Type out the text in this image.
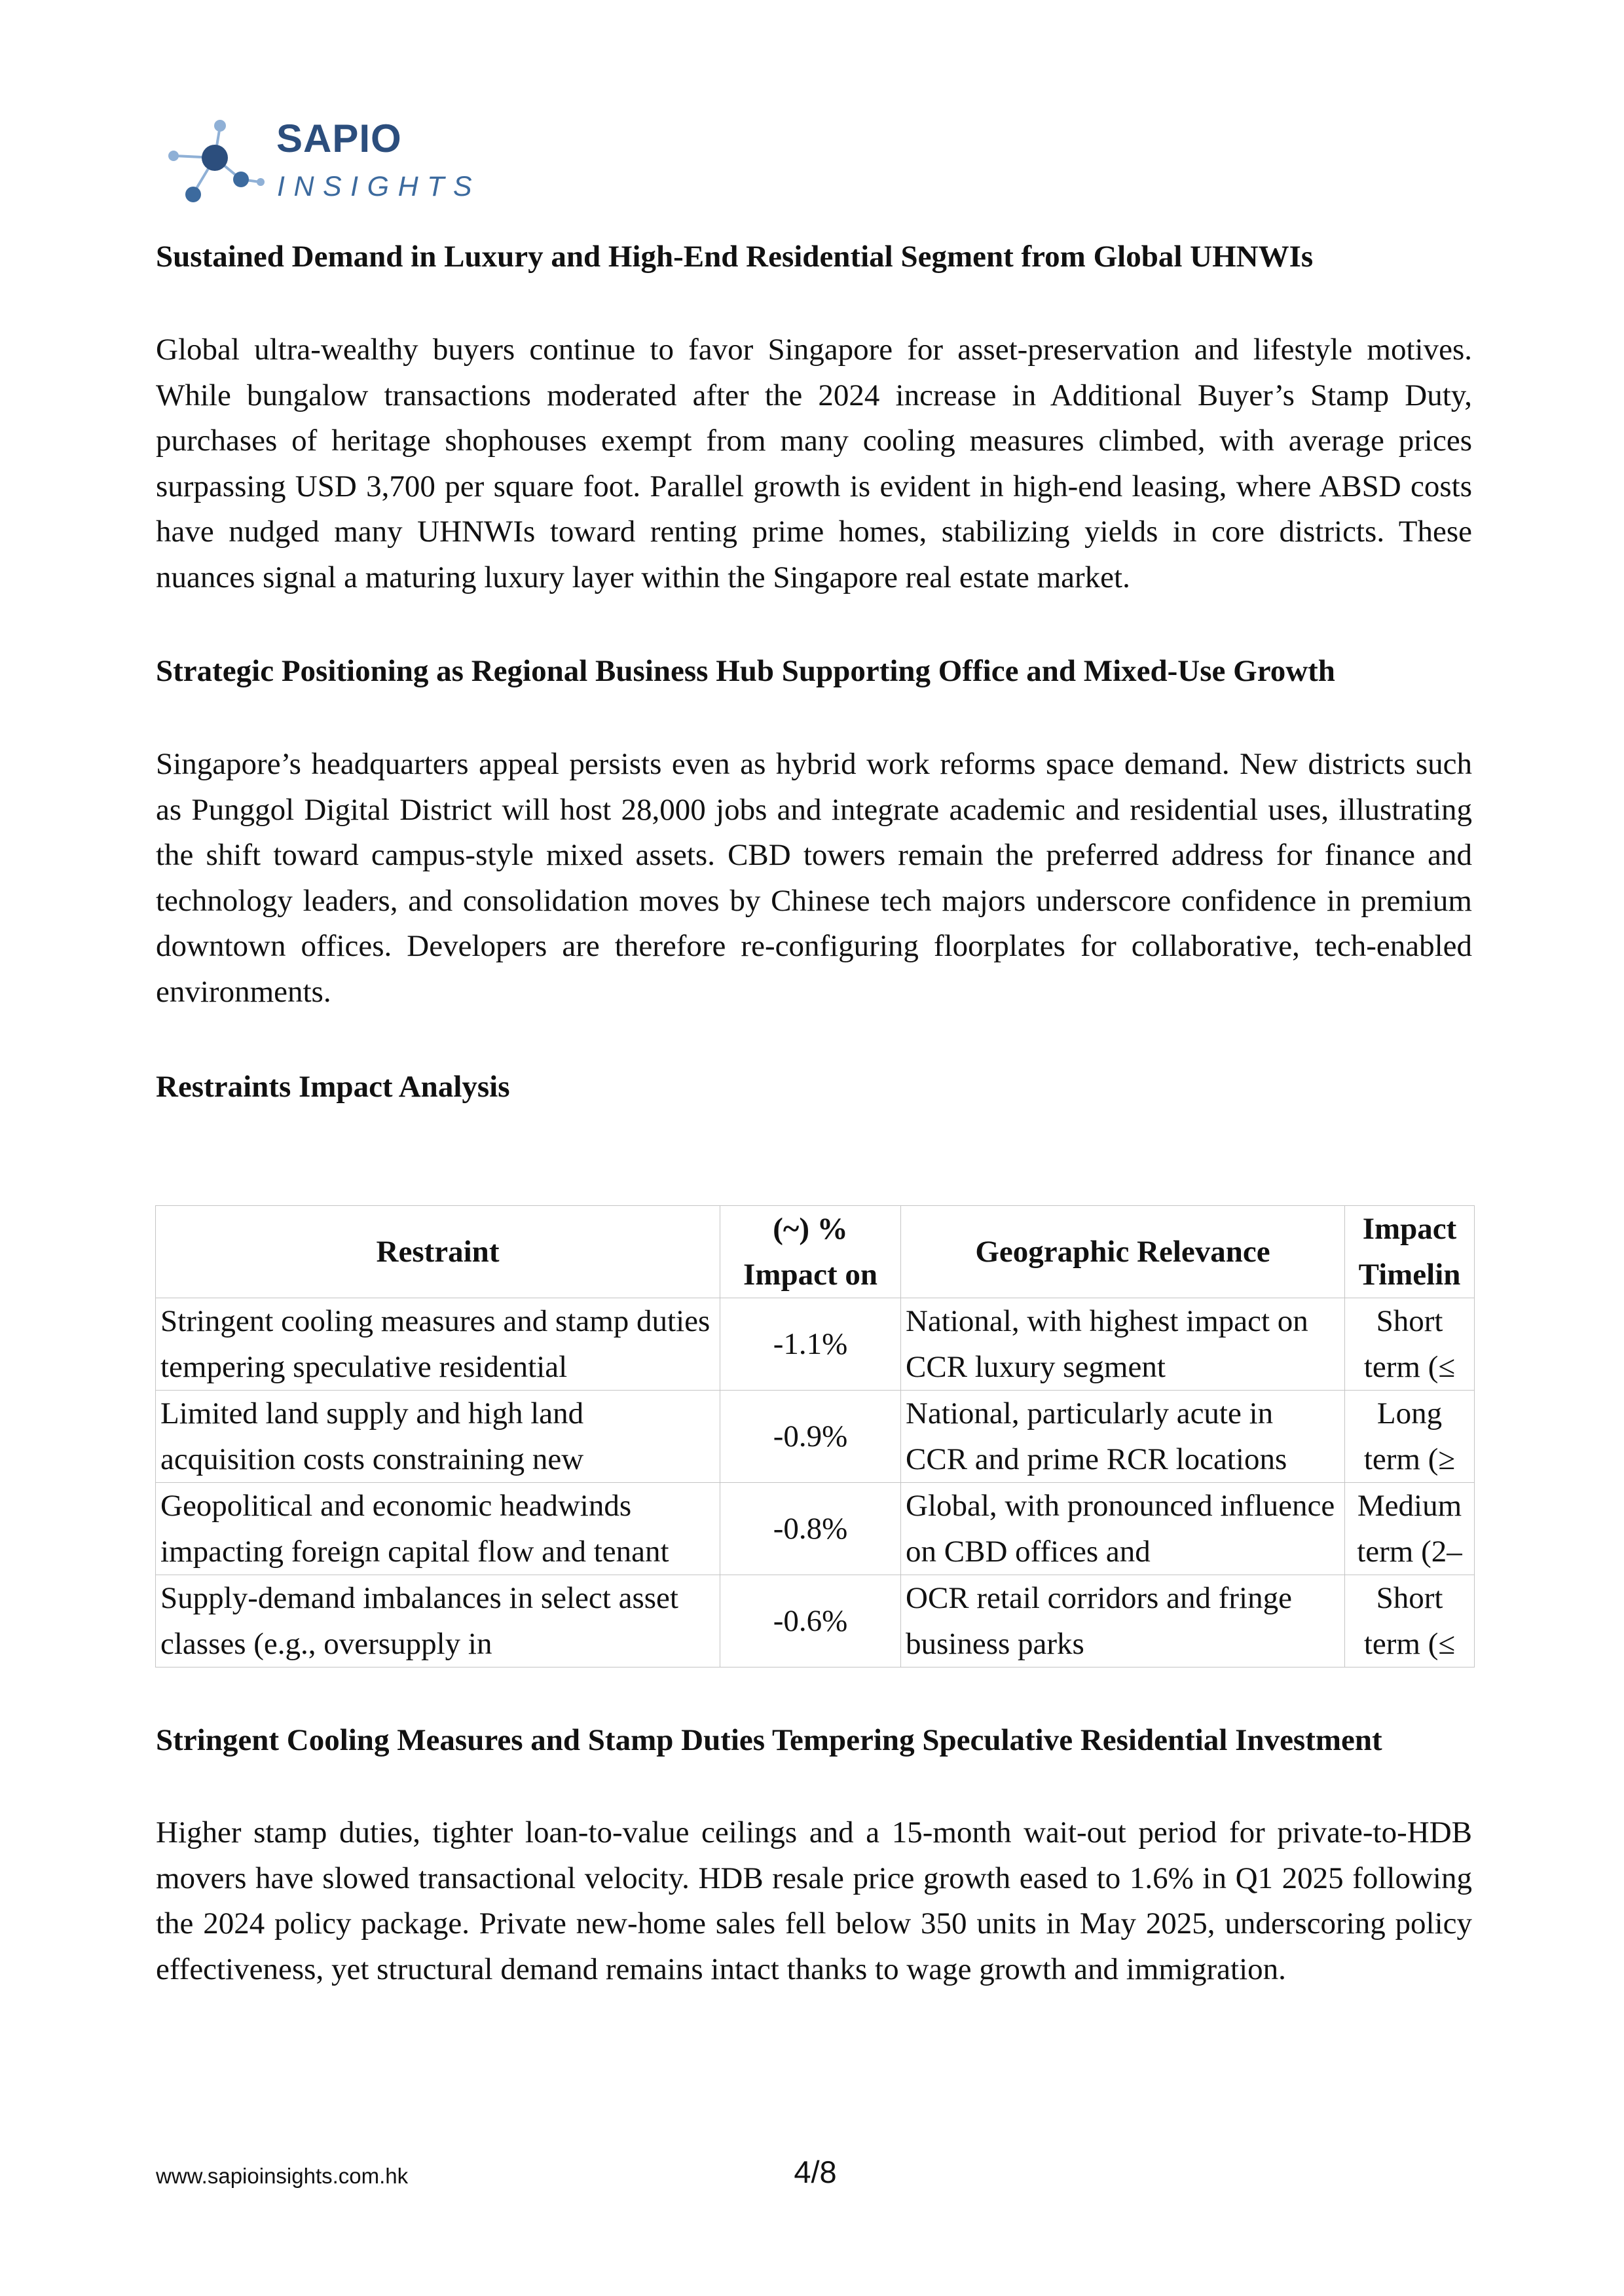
SAPIO
INSIGHTS
Sustained Demand in Luxury and High-End Residential Segment from Global UHNWIs

Global ultra-wealthy buyers continue to favor Singapore for asset-preservation and lifestyle motives. While bungalow transactions moderated after the 2024 increase in Additional Buyer’s Stamp Duty, purchases of heritage shophouses exempt from many cooling measures climbed, with average prices surpassing USD 3,700 per square foot. Parallel growth is evident in high-end leasing, where ABSD costs have nudged many UHNWIs toward renting prime homes, stabilizing yields in core districts. These nuances signal a maturing luxury layer within the Singapore real estate market.

Strategic Positioning as Regional Business Hub Supporting Office and Mixed-Use Growth

Singapore’s headquarters appeal persists even as hybrid work reforms space demand. New districts such as Punggol Digital District will host 28,000 jobs and integrate academic and residential uses, illustrating the shift toward campus-style mixed assets. CBD towers remain the preferred address for finance and technology leaders, and consolidation moves by Chinese tech majors underscore confidence in premium downtown offices. Developers are therefore re-configuring floorplates for collaborative, tech-enabled environments.

Restraints Impact Analysis
Restraint	(~) % Impact on	Geographic Relevance	Impact Timelin

Stringent cooling measures and stamp duties tempering speculative residential	-1.1%	National, with highest impact on CCR luxury segment	Short term (≤

Limited land supply and high land acquisition costs constraining new	-0.9%	National, particularly acute in CCR and prime RCR locations	Long term (≥

Geopolitical and economic headwinds impacting foreign capital flow and tenant	-0.8%	Global, with pronounced influence on CBD offices and	Medium term (2–

Supply-demand imbalances in select asset classes (e.g., oversupply in	-0.6%	OCR retail corridors and fringe business parks	Short term (≤
Stringent Cooling Measures and Stamp Duties Tempering Speculative Residential Investment

Higher stamp duties, tighter loan-to-value ceilings and a 15-month wait-out period for private-to-HDB movers have slowed transactional velocity. HDB resale price growth eased to 1.6% in Q1 2025 following the 2024 policy package. Private new-home sales fell below 350 units in May 2025, underscoring policy effectiveness, yet structural demand remains intact thanks to wage growth and immigration.

www.sapioinsights.com.hk	4/8
